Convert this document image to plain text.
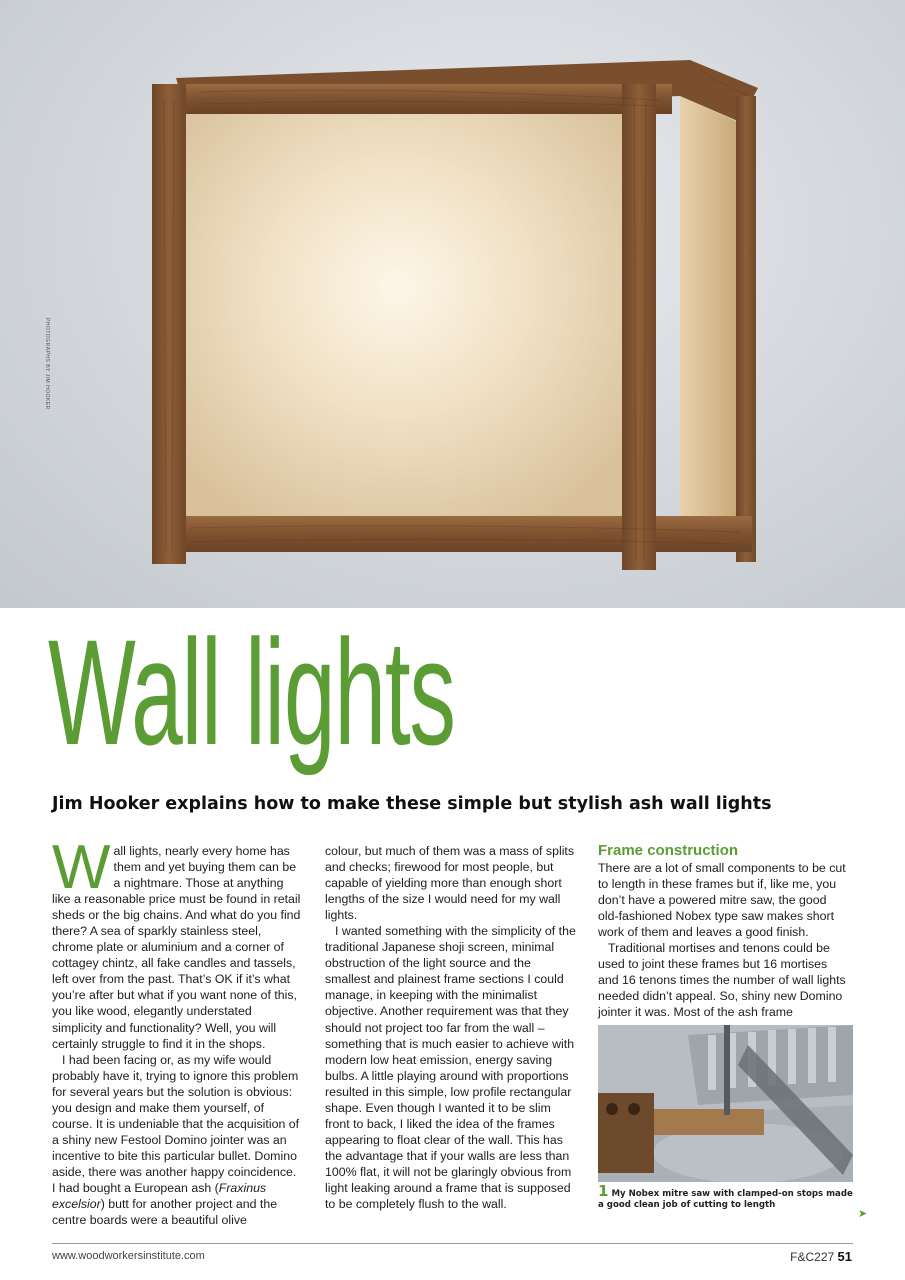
PHOTOGRAPHS BY JIM HOOKER
Wall lights
Jim Hooker explains how to make these simple but stylish ash wall lights

Wall lights, nearly every home has them and yet buying them can be a nightmare. Those at anything like a reasonable price must be found in retail sheds or the big chains. And what do you find there? A sea of sparkly stainless steel, chrome plate or aluminium and a corner of cottagey chintz, all fake candles and tassels, left over from the past. That’s OK if it’s what you’re after but what if you want none of this, you like wood, elegantly understated simplicity and functionality? Well, you will certainly struggle to find it in the shops.

I had been facing or, as my wife would probably have it, trying to ignore this problem for several years but the solution is obvious: you design and make them yourself, of course. It is undeniable that the acquisition of a shiny new Festool Domino jointer was an incentive to bite this particular bullet. Domino aside, there was another happy coincidence. I had bought a European ash (Fraxinus excelsior) butt for another project and the centre boards were a beautiful olive

colour, but much of them was a mass of splits and checks; firewood for most people, but capable of yielding more than enough short lengths of the size I would need for my wall lights.

I wanted something with the simplicity of the traditional Japanese shoji screen, minimal obstruction of the light source and the smallest and plainest frame sections I could manage, in keeping with the minimalist objective. Another requirement was that they should not project too far from the wall – something that is much easier to achieve with modern low heat emission, energy saving bulbs. A little playing around with proportions resulted in this simple, low profile rectangular shape. Even though I wanted it to be slim front to back, I liked the idea of the frames appearing to float clear of the wall. This has the advantage that if your walls are less than 100% flat, it will not be glaringly obvious from light leaking around a frame that is supposed to be completely flush to the wall.

Frame construction

There are a lot of small components to be cut to length in these frames but if, like me, you don’t have a powered mitre saw, the good old-fashioned Nobex type saw makes short work of them and leaves a good finish.

Traditional mortises and tenons could be used to joint these frames but 16 mortises and 16 tenons times the number of wall lights needed didn’t appeal. So, shiny new Domino jointer it was. Most of the ash frame

1 My Nobex mitre saw with clamped-on stops made a good clean job of cutting to length
➤
www.woodworkersinstitute.com	F&C227 51
